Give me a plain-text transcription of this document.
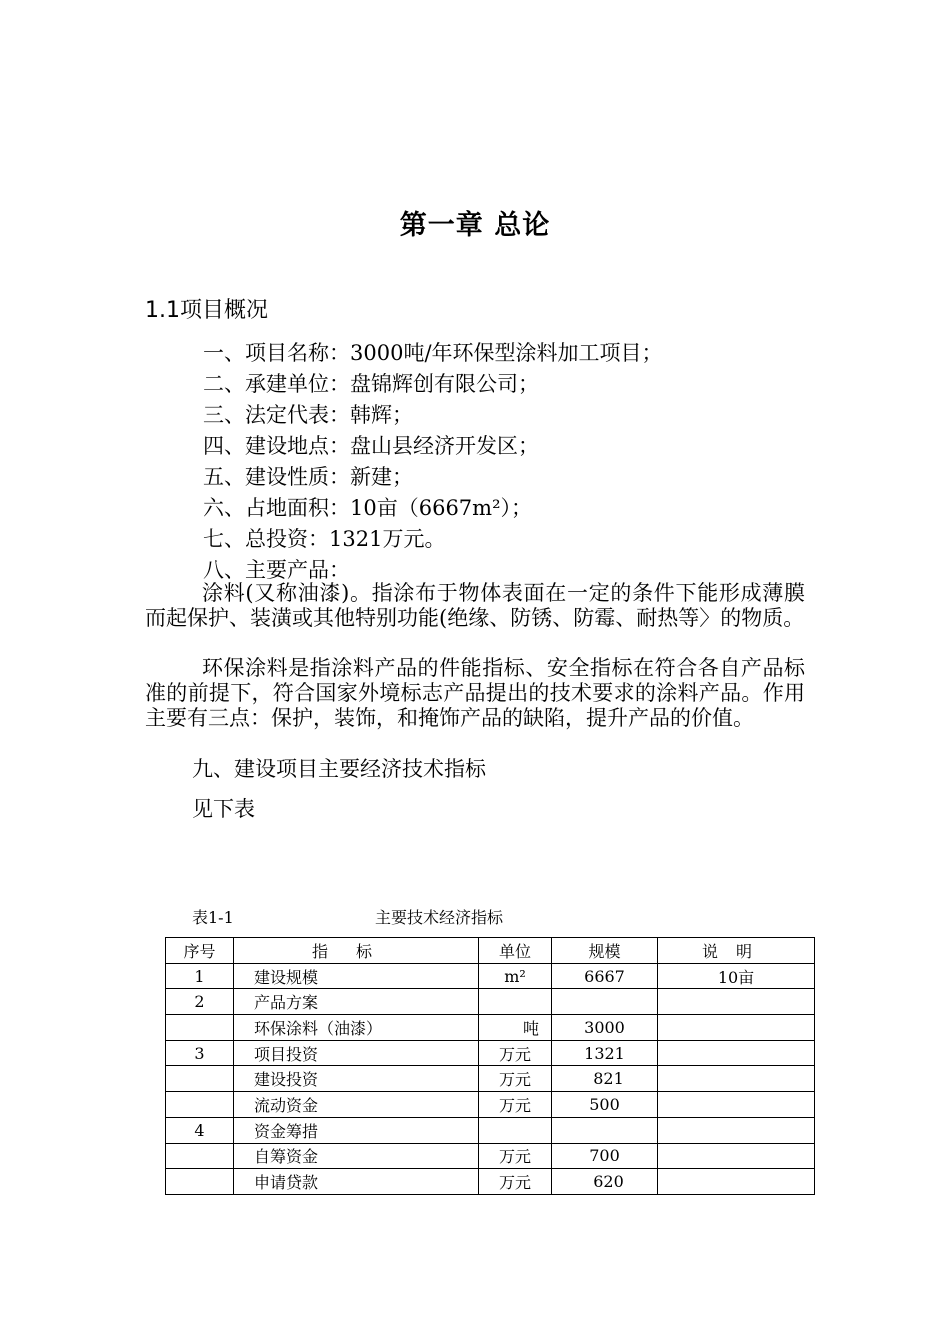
第一章 总论
1.1项目概况
一、项目名称：3000吨/年环保型涂料加工项目；
二、承建单位：盘锦辉创有限公司；
三、法定代表：韩辉；
四、建设地点：盘山县经济开发区；
五、建设性质：新建；
六、占地面积：10亩（6667m²）；
七、总投资：1321万元。
八、主要产品：
涂料(又称油漆)。指涂布于物体表面在一定的条件下能形成薄膜而起保护、装潢或其他特别功能(绝缘、防锈、防霉、耐热等〉的物质。
环保涂料是指涂料产品的件能指标、安全指标在符合各自产品标准的前提下，符合国家外境标志产品提出的技术要求的涂料产品。作用主要有三点：保护，装饰，和掩饰产品的缺陷，提升产品的价值。
九、建设项目主要经济技术指标
见下表
表1-1	主要技术经济指标
序号	指标	单位	规模	说明
1	建设规模	m²	6667	10亩
2	产品方案			
	环保涂料（油漆）	吨	3000	
3	项目投资	万元	1321	
	建设投资	万元	821	
	流动资金	万元	500	
4	资金筹措			
	自筹资金	万元	700	
	申请贷款	万元	620	
